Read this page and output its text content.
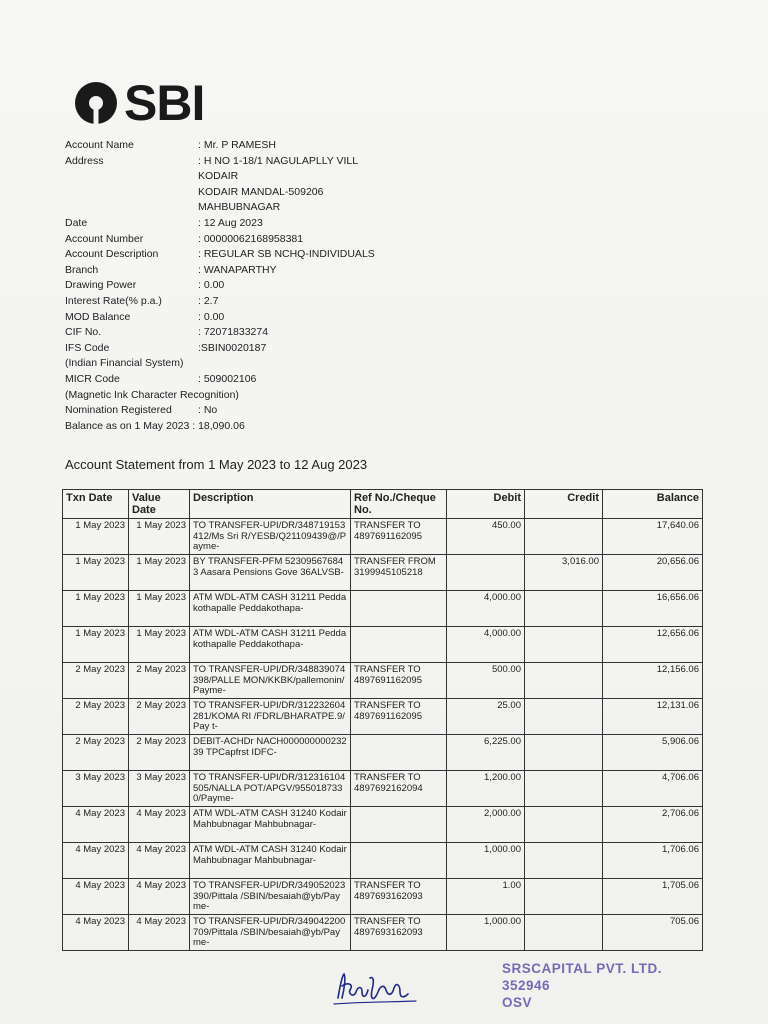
SBI
Account Name	: Mr. P RAMESH
Address	: H NO 1-18/1 NAGULAPLLY VILL
KODAIR
KODAIR MANDAL-509206
MAHBUBNAGAR
Date	: 12 Aug 2023
Account Number	: 00000062168958381
Account Description	: REGULAR SB NCHQ-INDIVIDUALS
Branch	: WANAPARTHY
Drawing Power	: 0.00
Interest Rate(% p.a.)	: 2.7
MOD Balance	: 0.00
CIF No.	: 72071833274
IFS Code	:SBIN0020187
(Indian Financial System)
MICR Code	: 509002106
(Magnetic Ink Character Recognition)
Nomination Registered	: No
Balance as on 1 May 2023 : 18,090.06
Account Statement from 1 May 2023 to 12 Aug 2023
Txn Date	Value Date	Description	Ref No./Cheque No.	Debit	Credit	Balance

1 May 2023	1 May 2023	TO TRANSFER-UPI/DR/348719153412/Ms Sri R/YESB/Q21109439@/Payme-	TRANSFER TO 4897691162095	450.00		17,640.06

1 May 2023	1 May 2023	BY TRANSFER-PFM 523095676843 Aasara Pensions Gove 36ALVSB-	TRANSFER FROM 3199945105218		3,016.00	20,656.06

1 May 2023	1 May 2023	ATM WDL-ATM CASH 31211 Peddakothapalle Peddakothapa-		4,000.00		16,656.06

1 May 2023	1 May 2023	ATM WDL-ATM CASH 31211 Peddakothapalle Peddakothapa-		4,000.00		12,656.06

2 May 2023	2 May 2023	TO TRANSFER-UPI/DR/348839074398/PALLE MON/KKBK/pallemonin/Payme-	TRANSFER TO 4897691162095	500.00		12,156.06

2 May 2023	2 May 2023	TO TRANSFER-UPI/DR/312232604281/KOMA RI /FDRL/BHARATPE.9/Pay t-	TRANSFER TO 4897691162095	25.00		12,131.06

2 May 2023	2 May 2023	DEBIT-ACHDr NACH00000000023239 TPCapfrst IDFC-		6,225.00		5,906.06

3 May 2023	3 May 2023	TO TRANSFER-UPI/DR/312316104505/NALLA POT/APGV/9550187330/Payme-	TRANSFER TO 4897692162094	1,200.00		4,706.06

4 May 2023	4 May 2023	ATM WDL-ATM CASH 31240 Kodair Mahbubnagar Mahbubnagar-		2,000.00		2,706.06

4 May 2023	4 May 2023	ATM WDL-ATM CASH 31240 Kodair Mahbubnagar Mahbubnagar-		1,000.00		1,706.06

4 May 2023	4 May 2023	TO TRANSFER-UPI/DR/349052023390/Pittala /SBIN/besaiah@yb/Payme-	TRANSFER TO 4897693162093	1.00		1,705.06

4 May 2023	4 May 2023	TO TRANSFER-UPI/DR/349042200709/Pittala /SBIN/besaiah@yb/Payme-	TRANSFER TO 4897693162093	1,000.00		705.06
SRSCAPITAL PVT. LTD.
352946
OSV
